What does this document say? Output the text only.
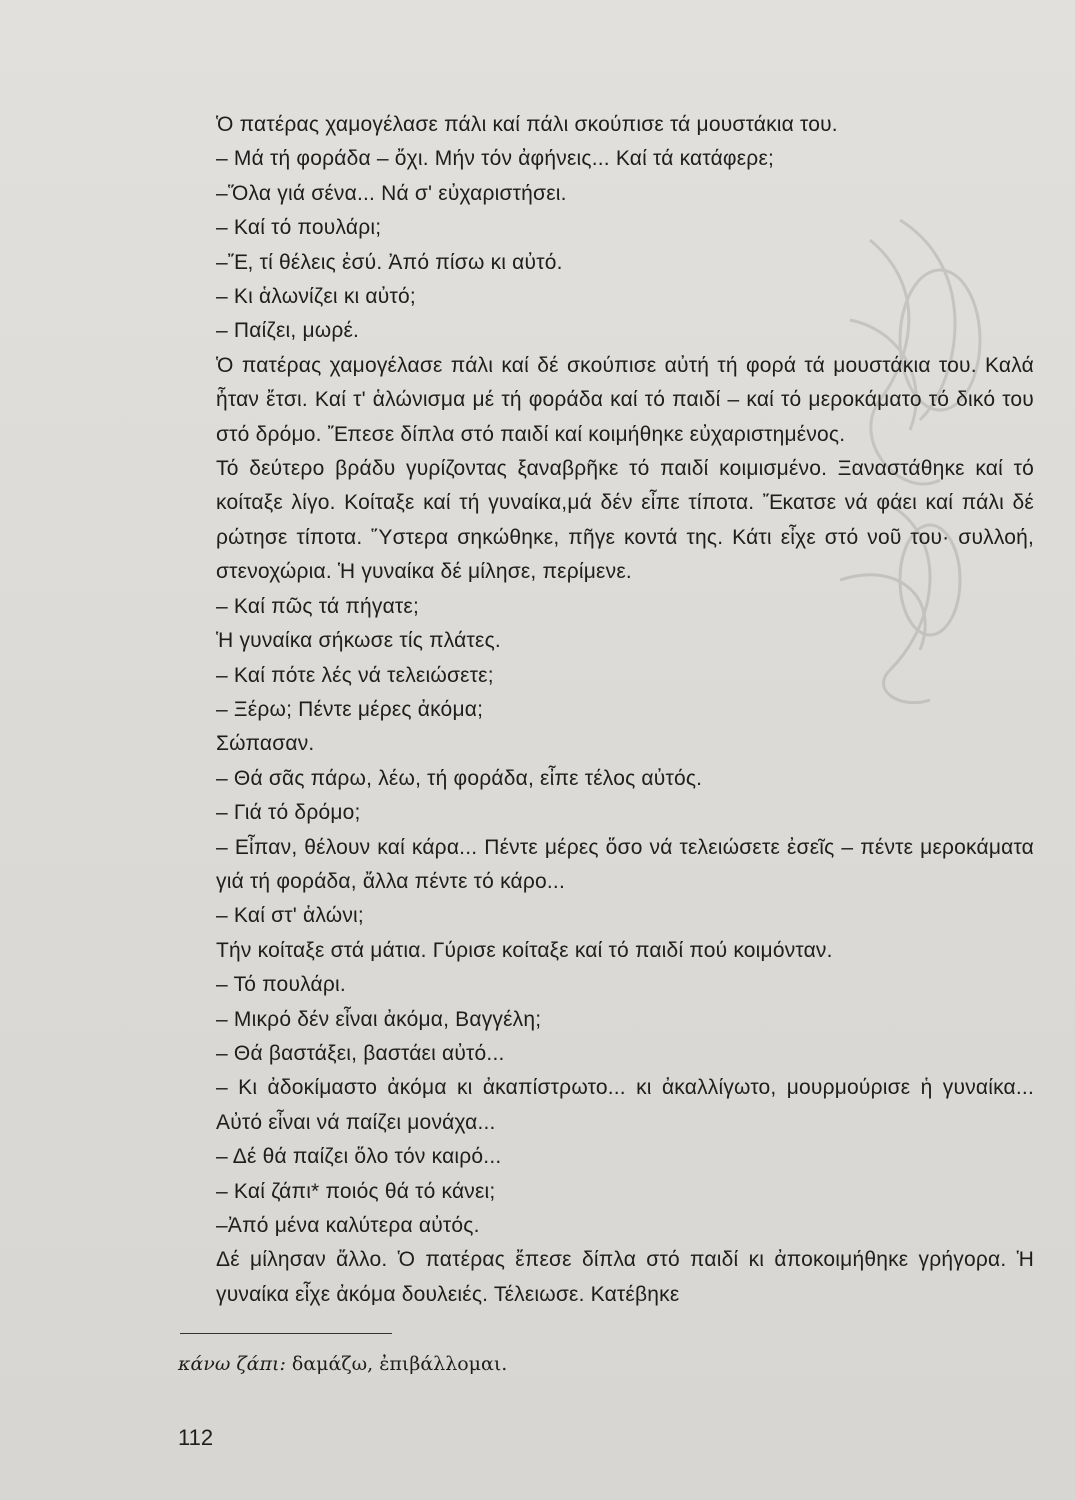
Ὁ πατέρας χαμογέλασε πάλι καί πάλι σκούπισε τά μουστάκια του.

– Μά τή φοράδα – ὄχι. Μήν τόν ἀφήνεις... Καί τά κατάφερε;

–Ὅλα γιά σένα... Νά σ' εὐχαριστήσει.

– Καί τό πουλάρι;

–Ἔ, τί θέλεις ἐσύ. Ἀπό πίσω κι αὐτό.

– Κι ἁλωνίζει κι αὐτό;

– Παίζει, μωρέ.

Ὁ πατέρας χαμογέλασε πάλι καί δέ σκούπισε αὐτή τή φορά τά μουστάκια του. Καλά ἦταν ἔτσι. Καί τ' ἁλώνισμα μέ τή φοράδα καί τό παιδί – καί τό μεροκάματο τό δικό του στό δρόμο. Ἔπεσε δίπλα στό παιδί καί κοιμήθηκε εὐχαριστημένος.

Τό δεύτερο βράδυ γυρίζοντας ξαναβρῆκε τό παιδί κοιμισμένο. Ξαναστάθηκε καί τό κοίταξε λίγο. Κοίταξε καί τή γυναίκα,μά δέν εἶπε τίποτα. Ἔκατσε νά φάει καί πάλι δέ ρώτησε τίποτα. Ὕστερα σηκώθηκε, πῆγε κοντά της. Κάτι εἶχε στό νοῦ του· συλλοή, στενοχώρια. Ἡ γυναίκα δέ μίλησε, περίμενε.

– Καί πῶς τά πήγατε;

Ἡ γυναίκα σήκωσε τίς πλάτες.

– Καί πότε λές νά τελειώσετε;

– Ξέρω; Πέντε μέρες ἀκόμα;

Σώπασαν.

– Θά σᾶς πάρω, λέω, τή φοράδα, εἶπε τέλος αὐτός.

– Γιά τό δρόμο;

– Εἶπαν, θέλουν καί κάρα... Πέντε μέρες ὅσο νά τελειώσετε ἐσεῖς – πέντε μεροκάματα γιά τή φοράδα, ἄλλα πέντε τό κάρο...

– Καί στ' ἁλώνι;

Τήν κοίταξε στά μάτια. Γύρισε κοίταξε καί τό παιδί πού κοιμόνταν.

– Τό πουλάρι.

– Μικρό δέν εἶναι ἀκόμα, Βαγγέλη;

– Θά βαστάξει, βαστάει αὐτό...

– Κι ἀδοκίμαστο ἀκόμα κι ἀκαπίστρωτο... κι ἀκαλλίγωτο, μουρμούρισε ἡ γυναίκα... Αὐτό εἶναι νά παίζει μονάχα...

– Δέ θά παίζει ὅλο τόν καιρό...

– Καί ζάπι* ποιός θά τό κάνει;

–Ἀπό μένα καλύτερα αὐτός.

Δέ μίλησαν ἄλλο. Ὁ πατέρας ἔπεσε δίπλα στό παιδί κι ἀποκοιμήθηκε γρήγορα. Ἡ γυναίκα εἶχε ἀκόμα δουλειές. Τέλειωσε. Κατέβηκε

κάνω ζάπι: δαμάζω, ἐπιβάλλομαι.
112
